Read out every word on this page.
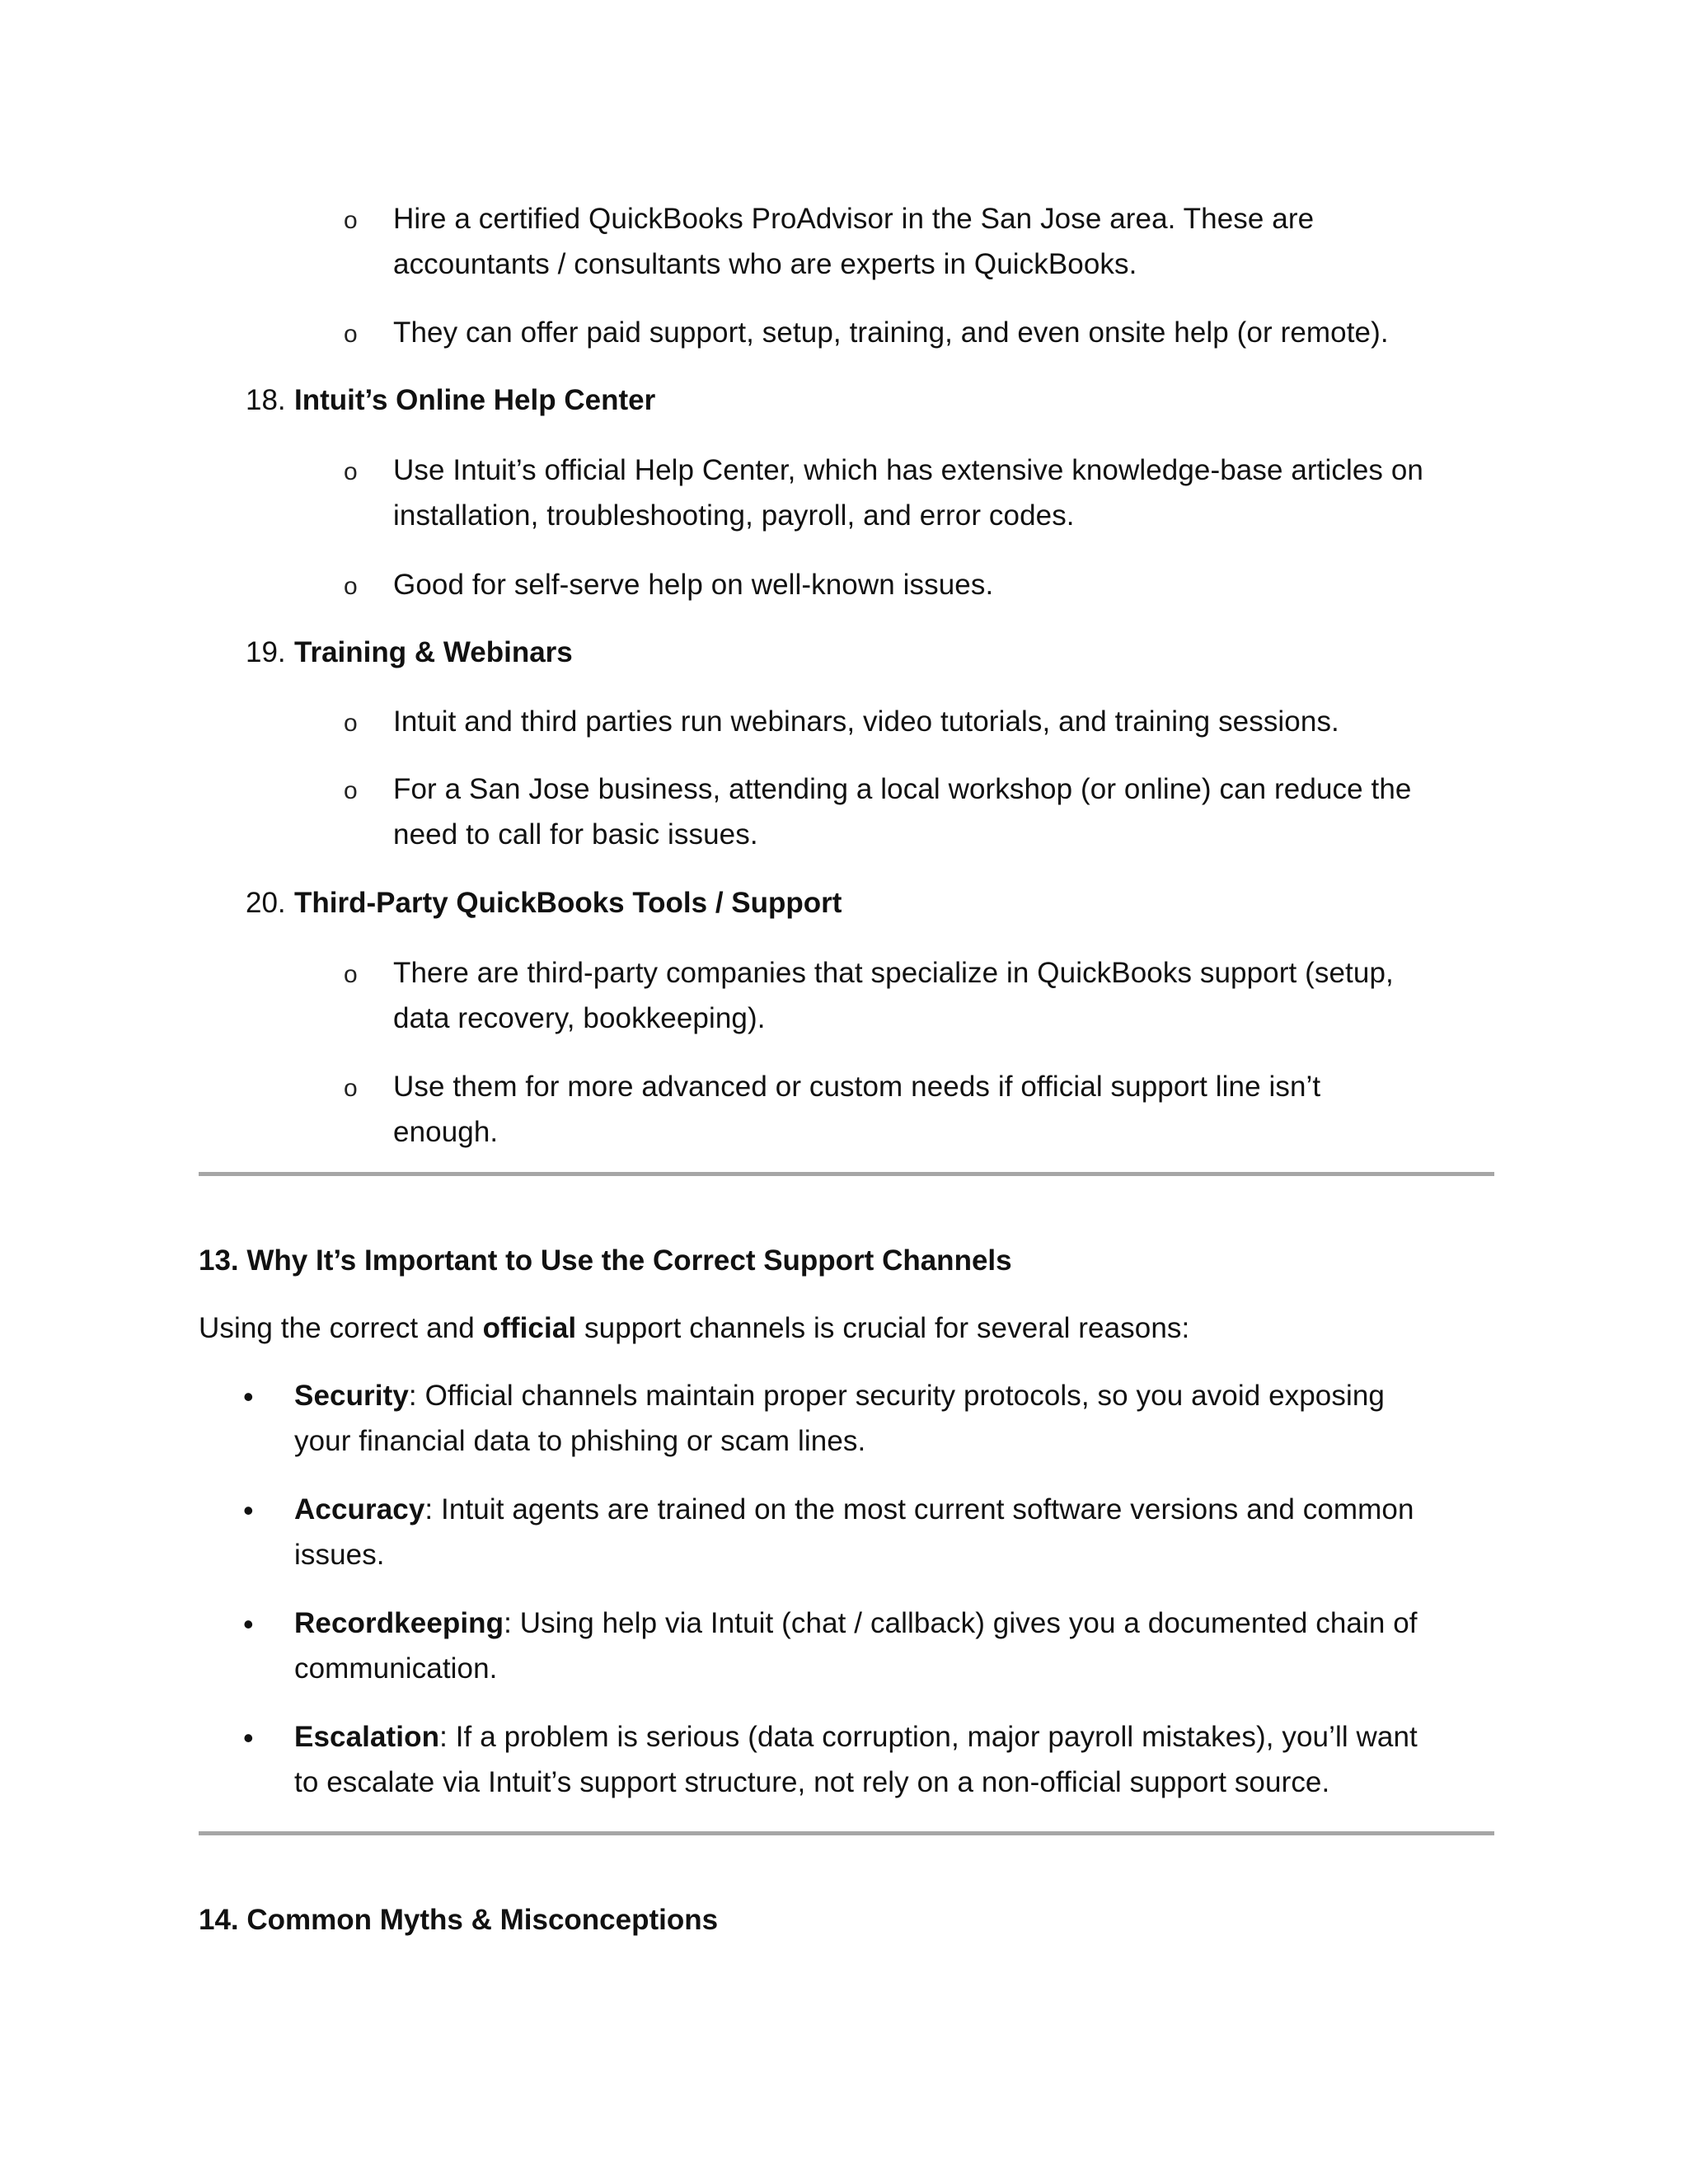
o Hire a certified QuickBooks ProAdvisor in the San Jose area. These are
accountants / consultants who are experts in QuickBooks.
o They can offer paid support, setup, training, and even onsite help (or remote).
18. Intuit’s Online Help Center
o Use Intuit’s official Help Center, which has extensive knowledge-base articles on
installation, troubleshooting, payroll, and error codes.
o Good for self-serve help on well-known issues.
19. Training & Webinars
o Intuit and third parties run webinars, video tutorials, and training sessions.
o For a San Jose business, attending a local workshop (or online) can reduce the
need to call for basic issues.
20. Third-Party QuickBooks Tools / Support
o There are third-party companies that specialize in QuickBooks support (setup,
data recovery, bookkeeping).
o Use them for more advanced or custom needs if official support line isn’t
enough.
13. Why It’s Important to Use the Correct Support Channels
Using the correct and official support channels is crucial for several reasons:
• Security: Official channels maintain proper security protocols, so you avoid exposing
your financial data to phishing or scam lines.
• Accuracy: Intuit agents are trained on the most current software versions and common
issues.
• Recordkeeping: Using help via Intuit (chat / callback) gives you a documented chain of
communication.
• Escalation: If a problem is serious (data corruption, major payroll mistakes), you’ll want
to escalate via Intuit’s support structure, not rely on a non-official support source.
14. Common Myths & Misconceptions
